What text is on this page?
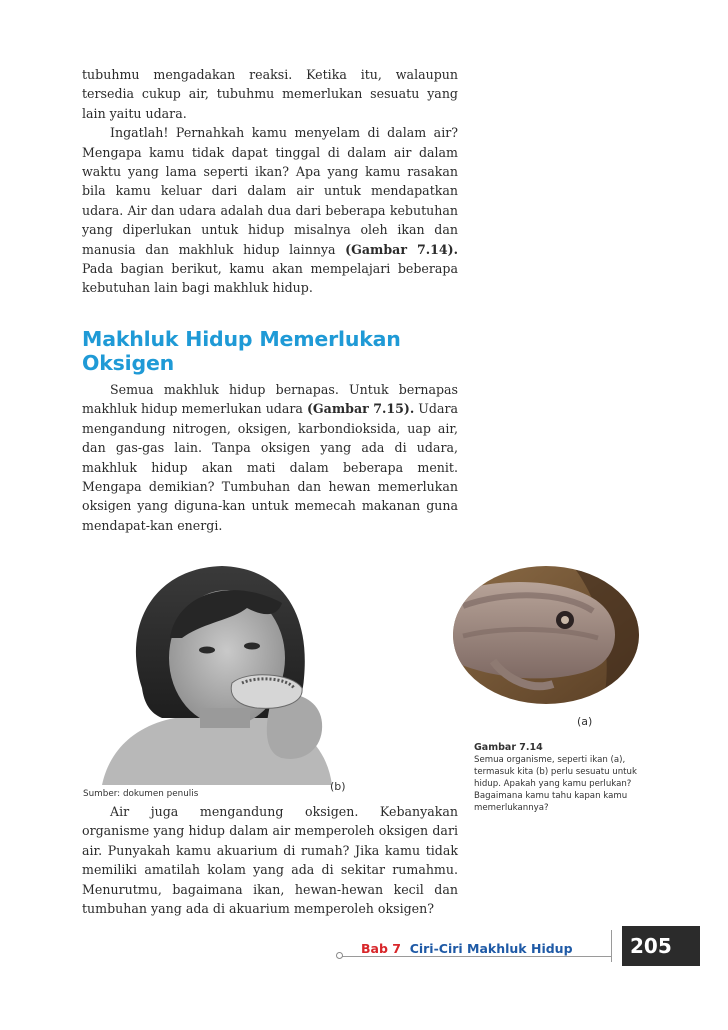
tubuhmu mengadakan reaksi. Ketika itu, walaupun tersedia cukup air, tubuhmu memerlukan sesuatu yang lain yaitu udara.

Ingatlah! Pernahkah kamu menyelam di dalam air? Mengapa kamu tidak dapat tinggal di dalam air dalam waktu yang lama seperti ikan? Apa yang kamu rasakan bila kamu keluar dari dalam air untuk mendapatkan udara. Air dan udara adalah dua dari beberapa kebutuhan yang diperlukan untuk hidup misalnya oleh ikan dan manusia dan makhluk hidup lainnya (Gambar 7.14). Pada bagian berikut, kamu akan mempelajari beberapa kebutuhan lain bagi makhluk hidup.

Makhluk Hidup Memerlukan
Oksigen

Semua makhluk hidup bernapas. Untuk bernapas makhluk hidup memerlukan udara (Gambar 7.15). Udara mengandung nitrogen, oksigen, karbondioksida, uap air, dan gas-gas lain. Tanpa oksigen yang ada di udara, makhluk hidup akan mati dalam beberapa menit. Mengapa demikian? Tumbuhan dan hewan memerlukan oksigen yang diguna-kan untuk memecah makanan guna mendapat-kan energi.

Sumber: dokumen penulis
(b)
(a)
Gambar 7.14
Semua organisme, seperti ikan (a), termasuk kita (b) perlu sesuatu untuk hidup. Apakah yang kamu perlukan? Bagaimana kamu tahu kapan kamu memerlukannya?

Air juga mengandung oksigen. Kebanyakan organisme yang hidup dalam air memperoleh oksigen dari air. Punyakah kamu akuarium di rumah? Jika kamu tidak memiliki amatilah kolam yang ada di sekitar rumahmu. Menurutmu, bagaimana ikan, hewan-hewan kecil dan tumbuhan yang ada di akuarium memperoleh oksigen?

Bab 7 Ciri-Ciri Makhluk Hidup	205
